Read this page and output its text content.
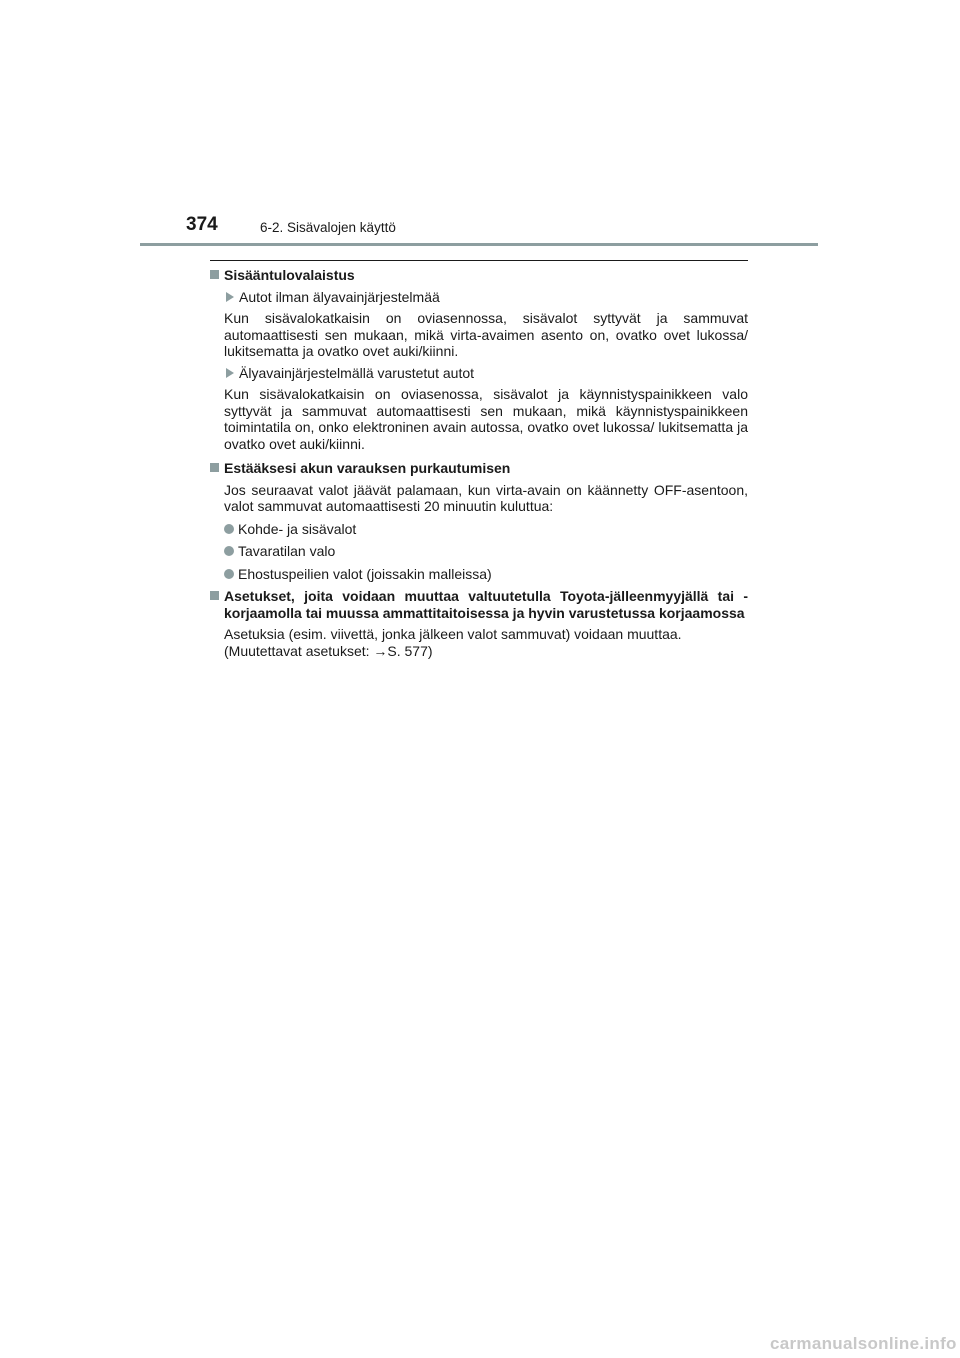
374	6-2. Sisävalojen käyttö
Sisääntulovalaistus
Autot ilman älyavainjärjestelmää
Kun sisävalokatkaisin on oviasennossa, sisävalot syttyvät ja sammuvat automaattisesti sen mukaan, mikä virta-avaimen asento on, ovatko ovet lukossa/ lukitsematta ja ovatko ovet auki/kiinni.
Älyavainjärjestelmällä varustetut autot
Kun sisävalokatkaisin on oviasenossa, sisävalot ja käynnistyspainikkeen valo syttyvät ja sammuvat automaattisesti sen mukaan, mikä käynnistyspainikkeen toimintatila on, onko elektroninen avain autossa, ovatko ovet lukossa/ lukitsematta ja ovatko ovet auki/kiinni.
Estääksesi akun varauksen purkautumisen
Jos seuraavat valot jäävät palamaan, kun virta-avain on käännetty OFF-asentoon, valot sammuvat automaattisesti 20 minuutin kuluttua:
Kohde- ja sisävalot
Tavaratilan valo
Ehostuspeilien valot (joissakin malleissa)
Asetukset, joita voidaan muuttaa valtuutetulla Toyota-jälleenmyyjällä tai -korjaamolla tai muussa ammattitaitoisessa ja hyvin varustetussa korjaamossa
Asetuksia (esim. viivettä, jonka jälkeen valot sammuvat) voidaan muuttaa.
(Muutettavat asetukset: →S. 577)
carmanualsonline.info
